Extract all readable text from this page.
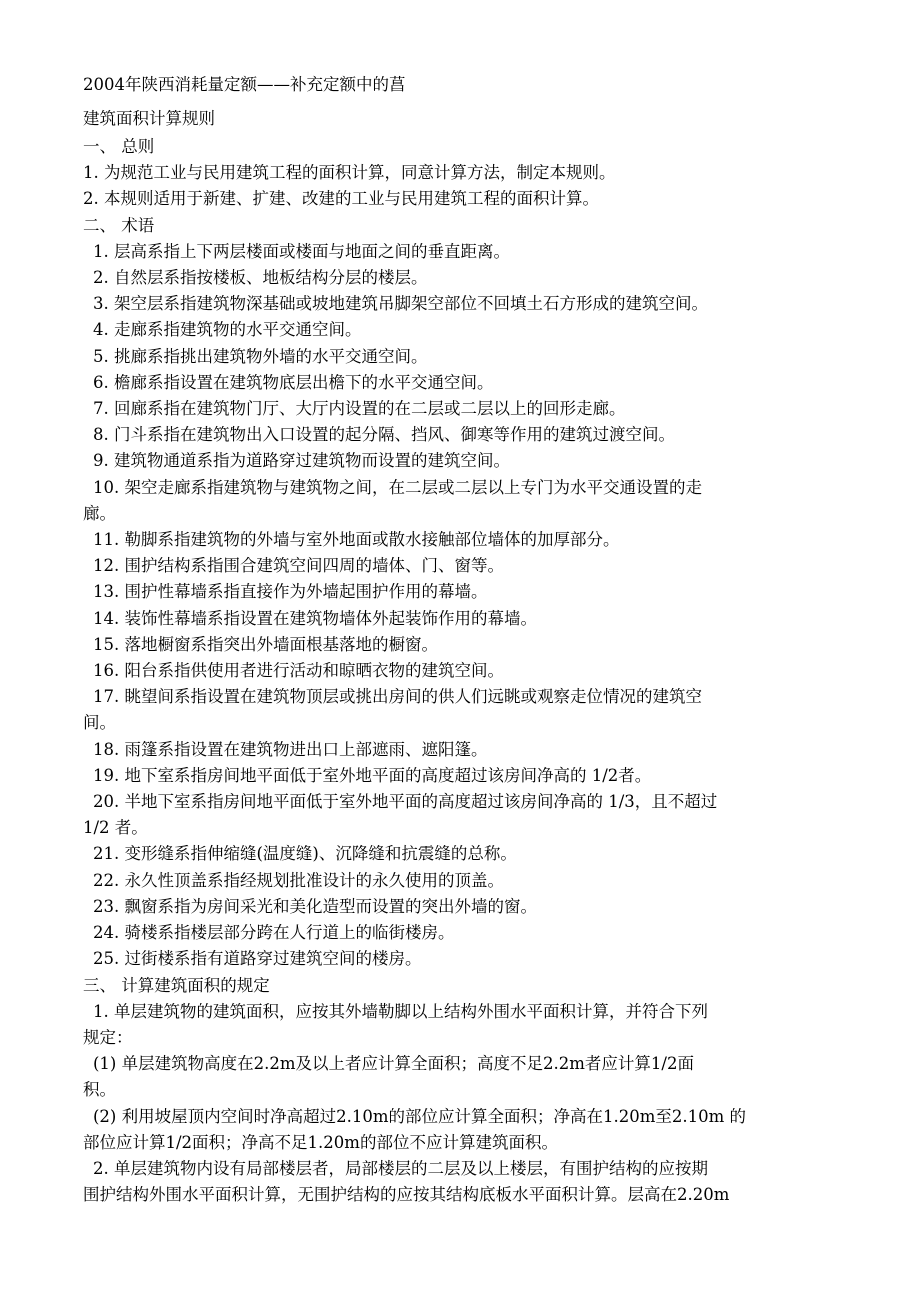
2004年陕西消耗量定额——补充定额中的菖

建筑面积计算规则

一、 总则

1. 为规范工业与民用建筑工程的面积计算，同意计算方法，制定本规则。

2. 本规则适用于新建、扩建、改建的工业与民用建筑工程的面积计算。

二、 术语

1. 层高系指上下两层楼面或楼面与地面之间的垂直距离。

2. 自然层系指按楼板、地板结构分层的楼层。

3. 架空层系指建筑物深基础或坡地建筑吊脚架空部位不回填土石方形成的建筑空间。

4. 走廊系指建筑物的水平交通空间。

5. 挑廊系指挑出建筑物外墙的水平交通空间。

6. 檐廊系指设置在建筑物底层出檐下的水平交通空间。

7. 回廊系指在建筑物门厅、大厅内设置的在二层或二层以上的回形走廊。

8. 门斗系指在建筑物出入口设置的起分隔、挡风、御寒等作用的建筑过渡空间。

9. 建筑物通道系指为道路穿过建筑物而设置的建筑空间。

10. 架空走廊系指建筑物与建筑物之间，在二层或二层以上专门为水平交通设置的走

廊。

11. 勒脚系指建筑物的外墙与室外地面或散水接触部位墙体的加厚部分。

12. 围护结构系指围合建筑空间四周的墙体、门、窗等。

13. 围护性幕墙系指直接作为外墙起围护作用的幕墙。

14. 装饰性幕墙系指设置在建筑物墙体外起装饰作用的幕墙。

15. 落地橱窗系指突出外墙面根基落地的橱窗。

16. 阳台系指供使用者进行活动和晾晒衣物的建筑空间。

17. 眺望间系指设置在建筑物顶层或挑出房间的供人们远眺或观察走位情况的建筑空

间。

18. 雨篷系指设置在建筑物进出口上部遮雨、遮阳篷。

19. 地下室系指房间地平面低于室外地平面的高度超过该房间净高的 1/2者。

20. 半地下室系指房间地平面低于室外地平面的高度超过该房间净高的 1/3，且不超过

1/2 者。

21. 变形缝系指伸缩缝(温度缝)、沉降缝和抗震缝的总称。

22. 永久性顶盖系指经规划批准设计的永久使用的顶盖。

23. 飘窗系指为房间采光和美化造型而设置的突出外墙的窗。

24. 骑楼系指楼层部分跨在人行道上的临街楼房。

25. 过街楼系指有道路穿过建筑空间的楼房。

三、 计算建筑面积的规定

1. 单层建筑物的建筑面积，应按其外墙勒脚以上结构外围水平面积计算，并符合下列

规定：

(1) 单层建筑物高度在2.2m及以上者应计算全面积；高度不足2.2m者应计算1/2面

积。

(2) 利用坡屋顶内空间时净高超过2.10m的部位应计算全面积；净高在1.20m至2.10m 的

部位应计算1/2面积；净高不足1.20m的部位不应计算建筑面积。

2. 单层建筑物内设有局部楼层者，局部楼层的二层及以上楼层，有围护结构的应按期

围护结构外围水平面积计算，无围护结构的应按其结构底板水平面积计算。层高在2.20m
